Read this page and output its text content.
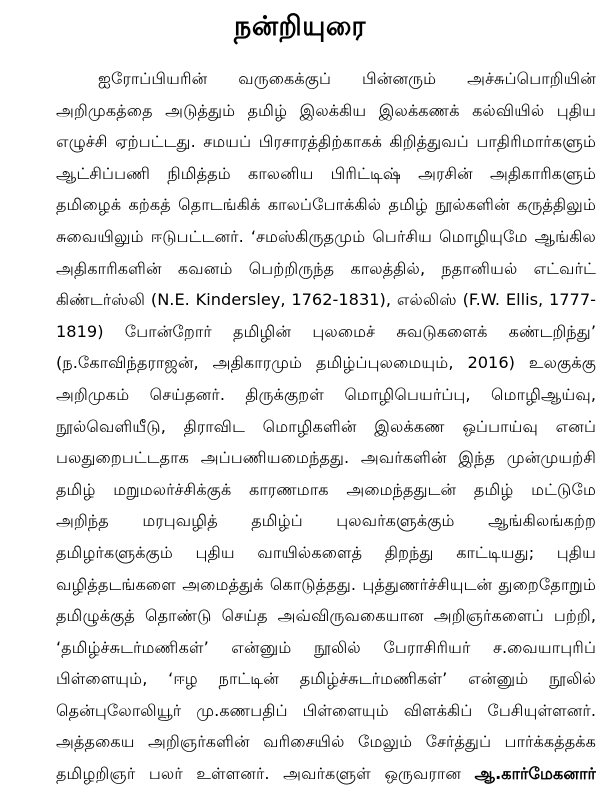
நன்றியுரை
ஐரோப்பியரின் வருகைக்குப் பின்னரும் அச்சுப்பொறியின்
அறிமுகத்தை அடுத்தும் தமிழ் இலக்கிய இலக்கணக் கல்வியில் புதிய
எழுச்சி ஏற்பட்டது. சமயப் பிரசாரத்திற்காகக் கிறித்துவப் பாதிரிமார்களும்
ஆட்சிப்பணி நிமித்தம் காலனிய பிரிட்டிஷ் அரசின் அதிகாரிகளும்
தமிழைக் கற்கத் தொடங்கிக் காலப்போக்கில் தமிழ் நூல்களின் கருத்திலும்
சுவையிலும் ஈடுபட்டனர். ‘சமஸ்கிருதமும் பெர்சிய மொழியுமே ஆங்கில
அதிகாரிகளின் கவனம் பெற்றிருந்த காலத்தில், நதானியல் எட்வர்ட்
கிண்டர்ஸ்லி (N.E. Kindersley, 1762-1831), எல்லிஸ் (F.W. Ellis, 1777-
1819) போன்றோர் தமிழின் புலமைச் சுவடுகளைக் கண்டறிந்து’
(ந.கோவிந்தராஜன், அதிகாரமும் தமிழ்ப்புலமையும், 2016) உலகுக்கு
அறிமுகம் செய்தனர். திருக்குறள் மொழிபெயர்ப்பு, மொழிஆய்வு,
நூல்வெளியீடு, திராவிட மொழிகளின் இலக்கண ஒப்பாய்வு எனப்
பலதுறைபட்டதாக அப்பணியமைந்தது. அவர்களின் இந்த முன்முயற்சி
தமிழ் மறுமலர்ச்சிக்குக் காரணமாக அமைந்ததுடன் தமிழ் மட்டுமே
அறிந்த மரபுவழித் தமிழ்ப் புலவர்களுக்கும் ஆங்கிலங்கற்ற
தமிழர்களுக்கும் புதிய வாயில்களைத் திறந்து காட்டியது; புதிய
வழித்தடங்களை அமைத்துக் கொடுத்தது. புத்துணர்ச்சியுடன் துறைதோறும்
தமிழுக்குத் தொண்டு செய்த அவ்விருவகையான அறிஞர்களைப் பற்றி,
‘தமிழ்ச்சுடர்மணிகள்’ என்னும் நூலில் பேராசிரியர் ச.வையாபுரிப்
பிள்ளையும், ‘ஈழ நாட்டின் தமிழ்ச்சுடர்மணிகள்’ என்னும் நூலில்
தென்புலோலியூர் மு.கணபதிப் பிள்ளையும் விளக்கிப் பேசியுள்ளனர்.
அத்தகைய அறிஞர்களின் வரிசையில் மேலும் சேர்த்துப் பார்க்கத்தக்க
தமிழறிஞர் பலர் உள்ளனர். அவர்களுள் ஒருவரான ஆ.கார்மேகனார்
